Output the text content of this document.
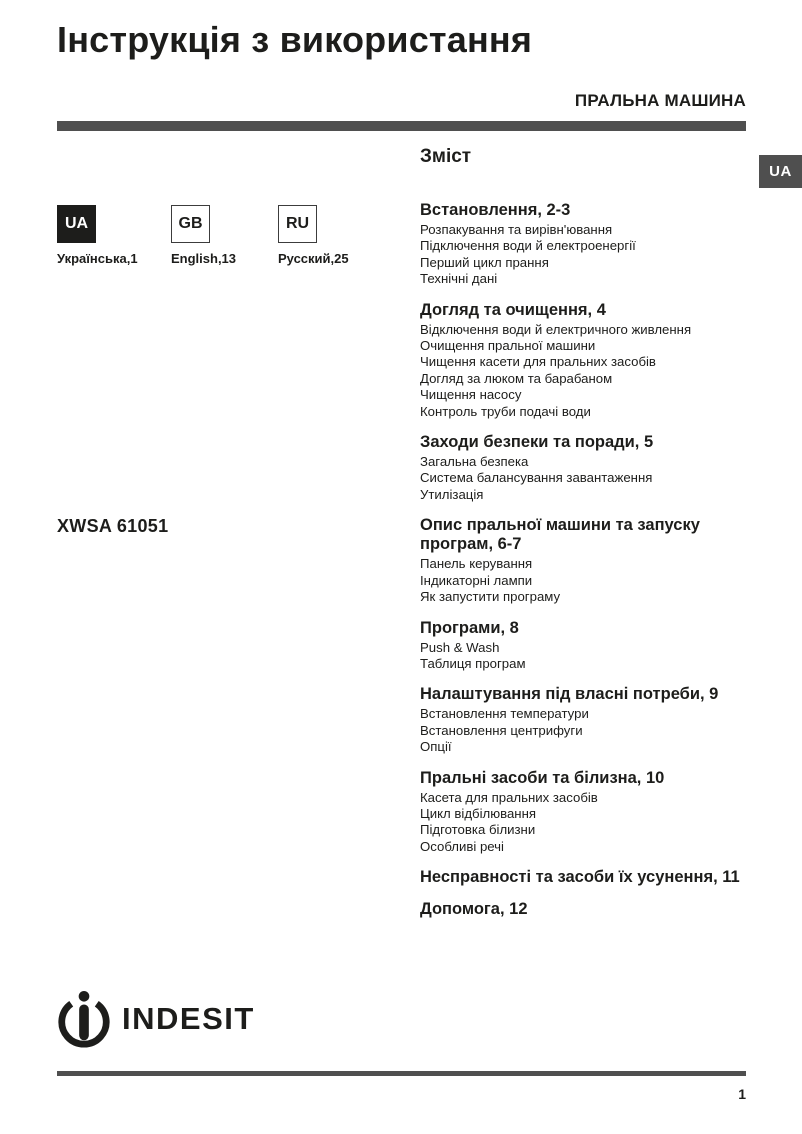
Інструкція з використання
ПРАЛЬНА МАШИНА
UA
UA
Українська,1
GB
English,13
RU
Русский,25
XWSA 61051
Зміст
Встановлення, 2-3
Розпакування та вирівн'ювання
Підключення води й електроенергії
Перший цикл прання
Технічні дані
Догляд та очищення, 4
Відключення води й електричного живлення
Очищення пральної машини
Чищення касети для пральних засобів
Догляд за люком та барабаном
Чищення насосу
Контроль труби подачі води
Заходи безпеки та поради, 5
Загальна безпека
Система балансування завантаження
Утилізація
Опис пральної машини та запуску програм, 6-7
Панель керування
Індикаторні лампи
Як запустити програму
Програми, 8
Push & Wash
Таблиця програм
Налаштування під власні потреби, 9
Встановлення температури
Встановлення центрифуги
Опції
Пральні засоби та білизна, 10
Касета для пральних засобів
Цикл відбілювання
Підготовка білизни
Особливі речі
Несправності та засоби їх усунення, 11
Допомога, 12
INDESIT
1
